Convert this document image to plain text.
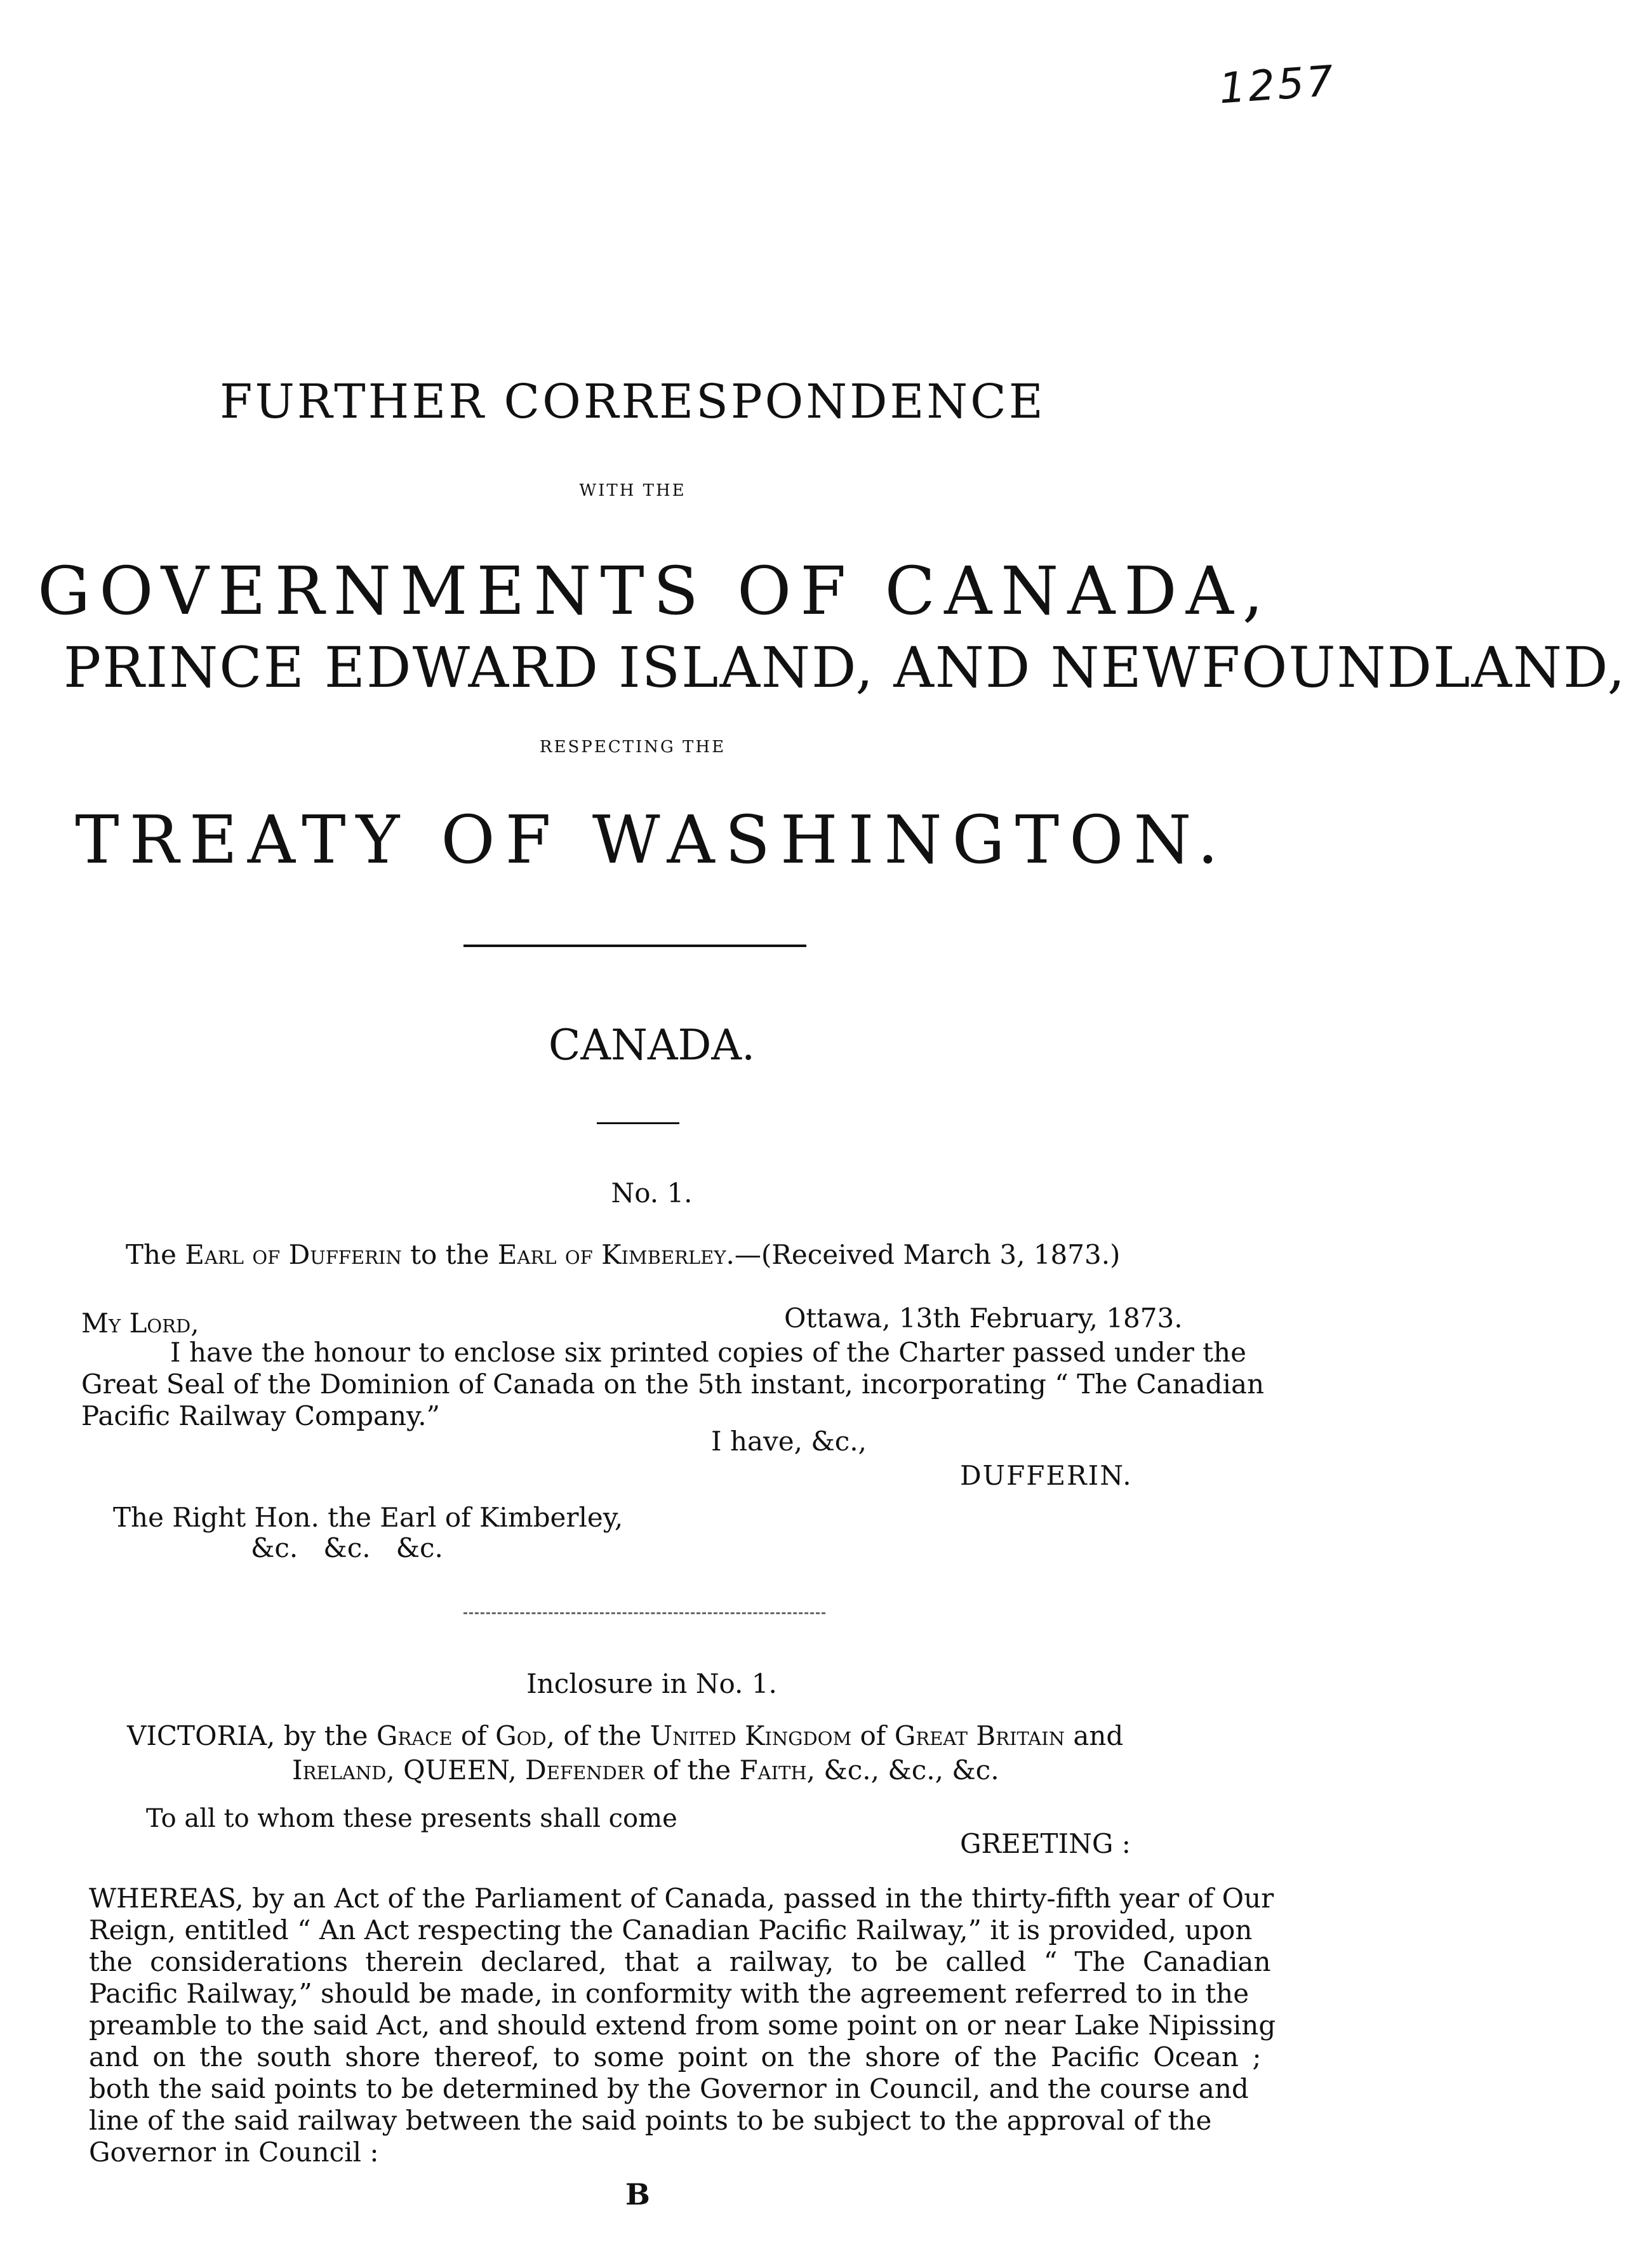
1257
FURTHER CORRESPONDENCE
WITH THE
GOVERNMENTS OF CANADA,
PRINCE EDWARD ISLAND, AND NEWFOUNDLAND,
RESPECTING THE
TREATY OF WASHINGTON.
CANADA.
No. 1.
The Earl of Dufferin to the Earl of Kimberley.—(Received March 3, 1873.)
My Lord,	Ottawa, 13th February, 1873.
I have the honour to enclose six printed copies of the Charter passed under the
Great Seal of the Dominion of Canada on the 5th instant, incorporating “ The Canadian
Pacific Railway Company.”
I have, &c.,
DUFFERIN.
The Right Hon. the Earl of Kimberley,
&c.   &c.   &c.
Inclosure in No. 1.
VICTORIA, by the Grace of God, of the United Kingdom of Great Britain and
Ireland, QUEEN, Defender of the Faith, &c., &c., &c.
To all to whom these presents shall come
GREETING :
WHEREAS, by an Act of the Parliament of Canada, passed in the thirty-fifth year of Our
Reign, entitled “ An Act respecting the Canadian Pacific Railway,” it is provided, upon
the considerations therein declared, that a railway, to be called “ The Canadian
Pacific Railway,” should be made, in conformity with the agreement referred to in the
preamble to the said Act, and should extend from some point on or near Lake Nipissing
and on the south shore thereof, to some point on the shore of the Pacific Ocean ;
both the said points to be determined by the Governor in Council, and the course and
line of the said railway between the said points to be subject to the approval of the
Governor in Council :
B
